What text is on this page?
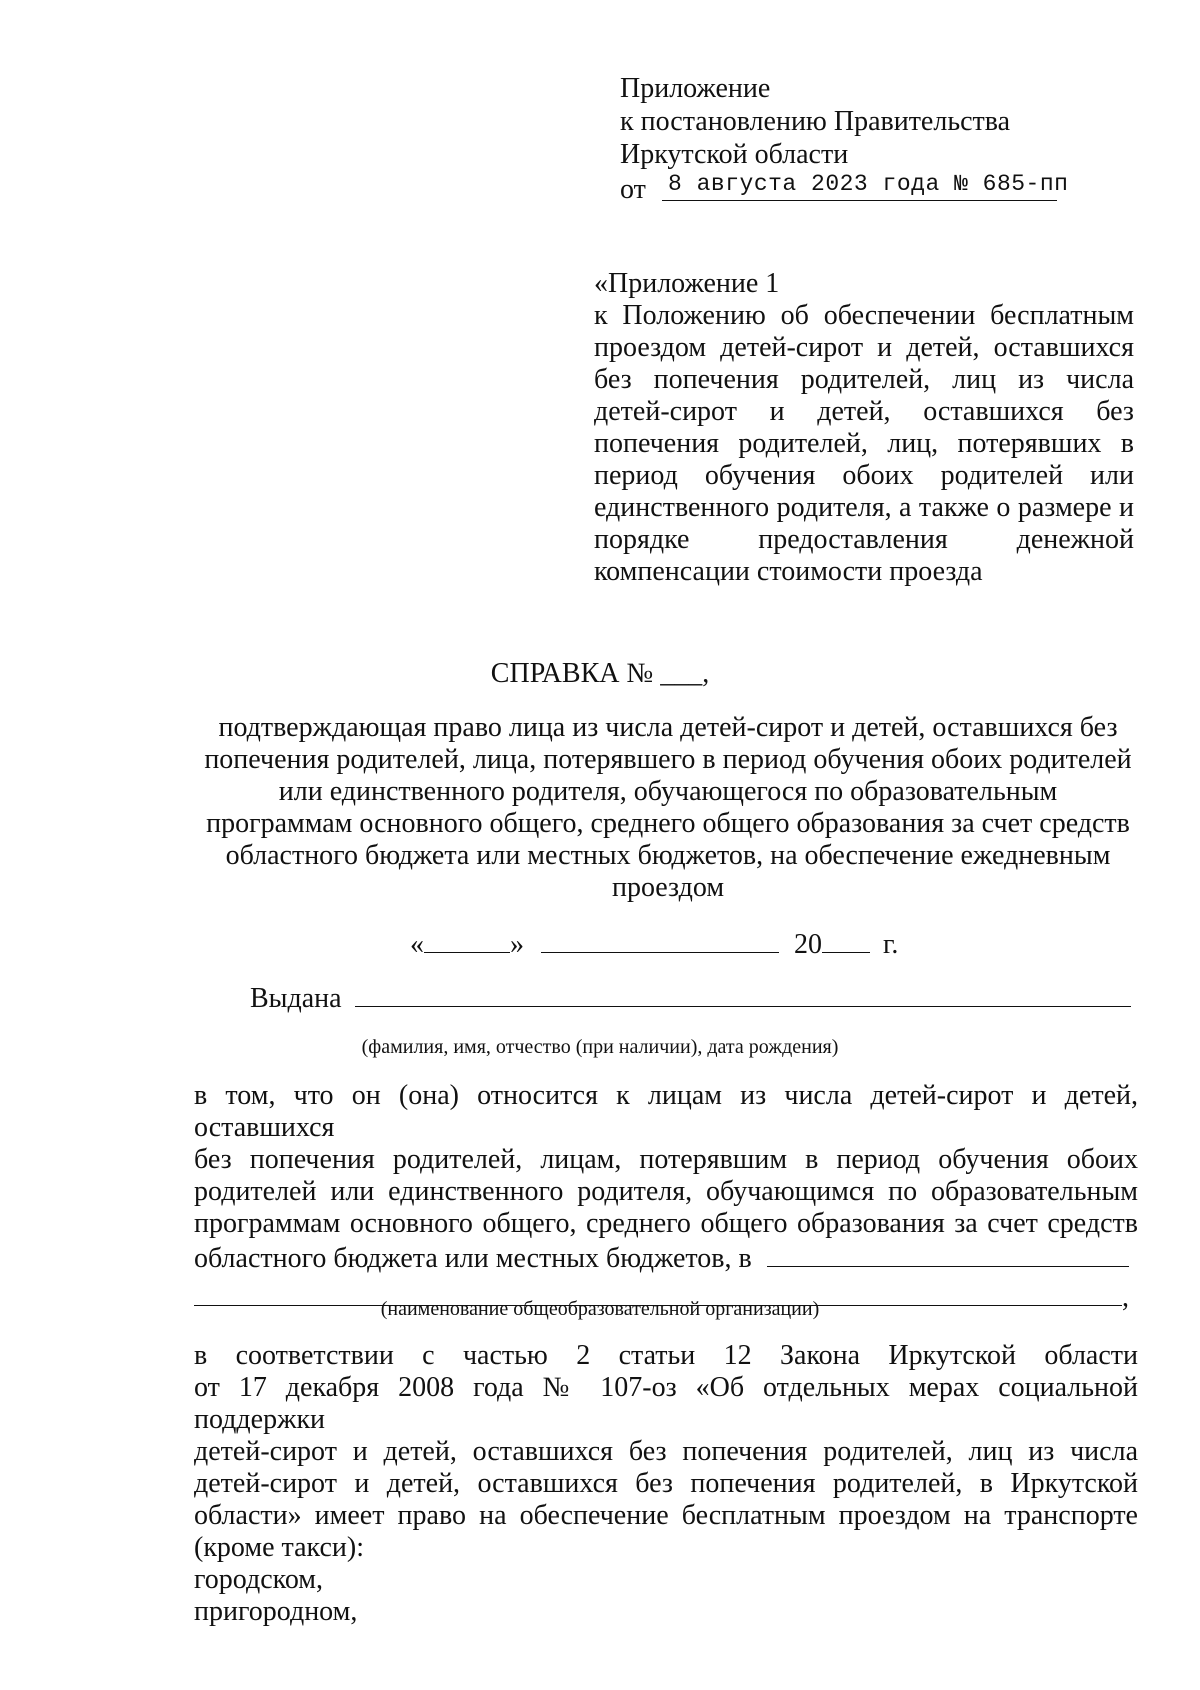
Приложение
к постановлению Правительства
Иркутской области
от 8 августа 2023 года № 685-пп
«Приложение 1
к Положению об обеспечении бесплатным
проездом детей-сирот и детей, оставшихся
без попечения родителей, лиц из числа
детей-сирот и детей, оставшихся без
попечения родителей, лиц, потерявших в
период обучения обоих родителей или
единственного родителя, а также о размере и
порядке предоставления денежной
компенсации стоимости проезда
СПРАВКА № ___,
подтверждающая право лица из числа детей-сирот и детей, оставшихся без
попечения родителей, лица, потерявшего в период обучения обоих родителей
или единственного родителя, обучающегося по образовательным
программам основного общего, среднего общего образования за счет средств
областного бюджета или местных бюджетов, на обеспечение ежедневным
проездом
«	»	20 г.
Выдана
(фамилия, имя, отчество (при наличии), дата рождения)
в том, что он (она) относится к лицам из числа детей-сирот и детей, оставшихся
без попечения родителей, лицам, потерявшим в период обучения обоих
родителей или единственного родителя, обучающимся по образовательным
программам основного общего, среднего общего образования за счет средств
областного бюджета или местных бюджетов, в
,
(наименование общеобразовательной организации)
в соответствии с частью 2 статьи 12 Закона Иркутской области
от 17 декабря 2008 года № 107-оз «Об отдельных мерах социальной поддержки
детей-сирот и детей, оставшихся без попечения родителей, лиц из числа
детей-сирот и детей, оставшихся без попечения родителей, в Иркутской
области» имеет право на обеспечение бесплатным проездом на транспорте
(кроме такси):
городском,
пригородном,
